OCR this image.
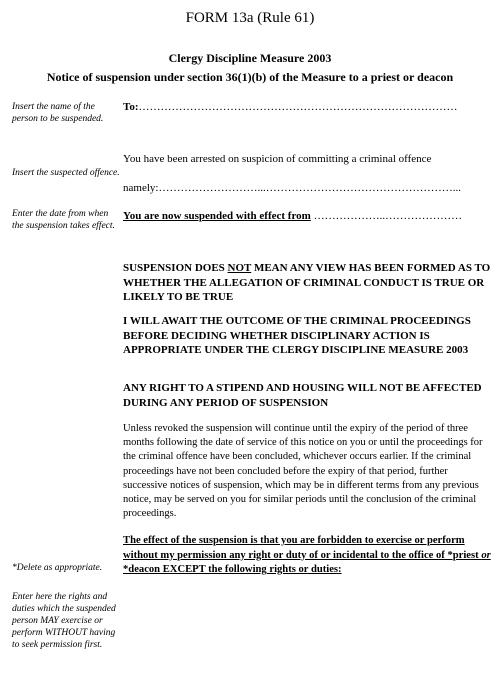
FORM 13a (Rule 61)
Clergy Discipline Measure 2003
Notice of suspension under section 36(1)(b) of the Measure to a priest or deacon
Insert the name of the person to be suspended.
Insert the suspected offence.
Enter the date from when the suspension takes effect.
*Delete as appropriate.
Enter here the rights and duties which the suspended person MAY exercise or perform WITHOUT having to seek permission first.
To:……………………………………………………………………………
You have been arrested on suspicion of committing a criminal offence
namely:………………………...……………………………………………...
You are now suspended with effect from ………………..…………………
SUSPENSION DOES NOT MEAN ANY VIEW HAS BEEN FORMED AS TO WHETHER THE ALLEGATION OF CRIMINAL CONDUCT IS TRUE OR LIKELY TO BE TRUE
I WILL AWAIT THE OUTCOME OF THE CRIMINAL PROCEEDINGS BEFORE DECIDING WHETHER DISCIPLINARY ACTION IS APPROPRIATE UNDER THE CLERGY DISCIPLINE MEASURE 2003
ANY RIGHT TO A STIPEND AND HOUSING WILL NOT BE AFFECTED DURING ANY PERIOD OF SUSPENSION
Unless revoked the suspension will continue until the expiry of the period of three months following the date of service of this notice on you or until the proceedings for the criminal offence have been concluded, whichever occurs earlier. If the criminal proceedings have not been concluded before the expiry of that period, further successive notices of suspension, which may be in different terms from any previous notice, may be served on you for similar periods until the conclusion of the criminal proceedings.
The effect of the suspension is that you are forbidden to exercise or perform without my permission any right or duty of or incidental to the office of *priest or *deacon EXCEPT the following rights or duties:
